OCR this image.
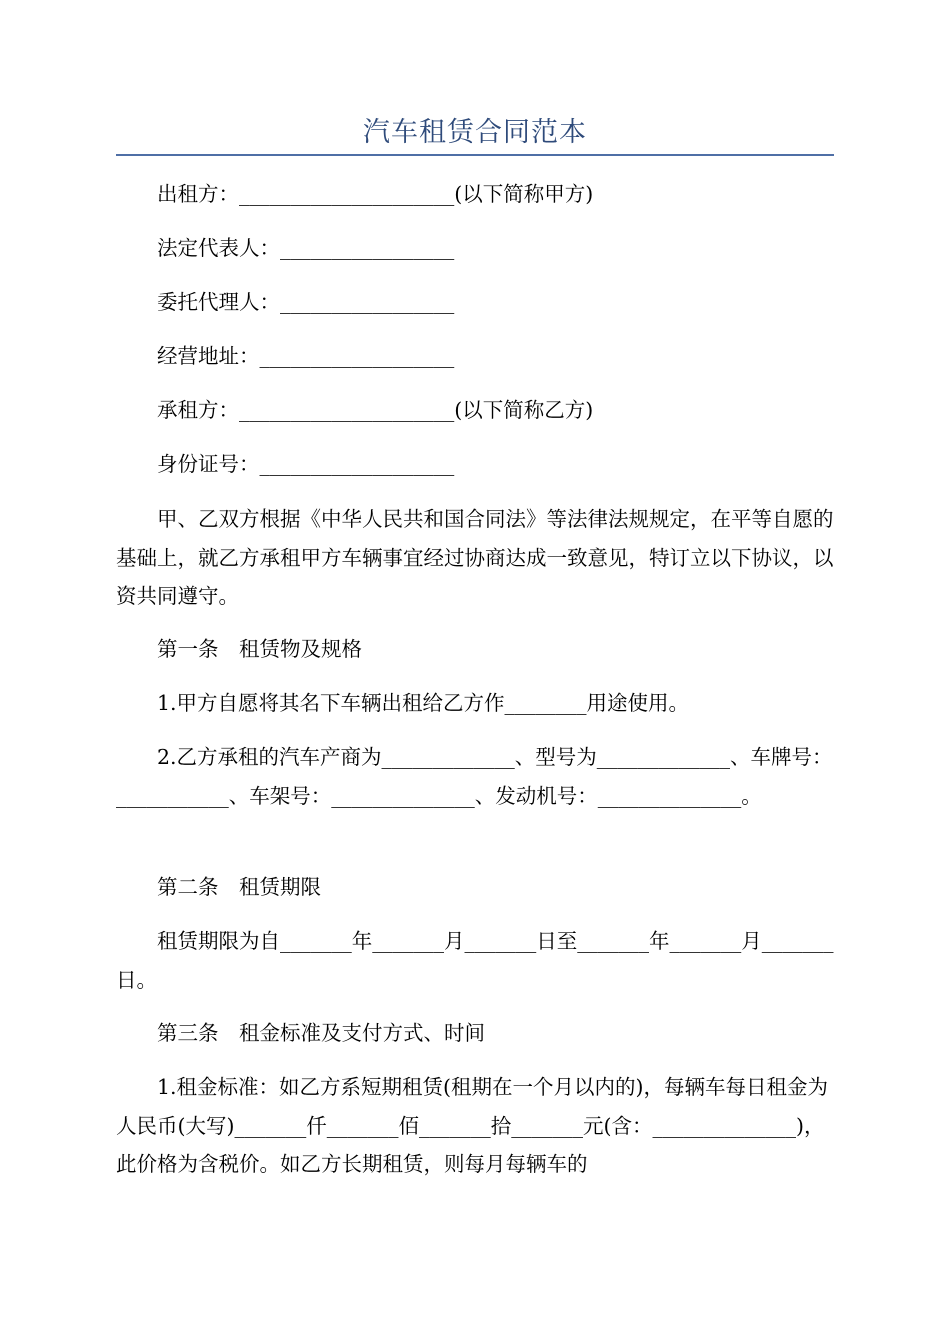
汽车租赁合同范本
出租方：_____________________(以下简称甲方)
法定代表人：_________________
委托代理人：_________________
经营地址：___________________
承租方：_____________________(以下简称乙方)
身份证号：___________________
甲、乙双方根据《中华人民共和国合同法》等法律法规规定，在平等自愿的基础上，就乙方承租甲方车辆事宜经过协商达成一致意见，特订立以下协议，以资共同遵守。
第一条　租赁物及规格
1.甲方自愿将其名下车辆出租给乙方作________用途使用。
2.乙方承租的汽车产商为_____________、型号为_____________、车牌号：___________、车架号：______________、发动机号：______________。
第二条　租赁期限
租赁期限为自_______年_______月_______日至_______年_______月_______日。
第三条　租金标准及支付方式、时间
1.租金标准：如乙方系短期租赁(租期在一个月以内的)，每辆车每日租金为人民币(大写)_______仟_______佰_______拾_______元(含：______________)，此价格为含税价。如乙方长期租赁，则每月每辆车的
